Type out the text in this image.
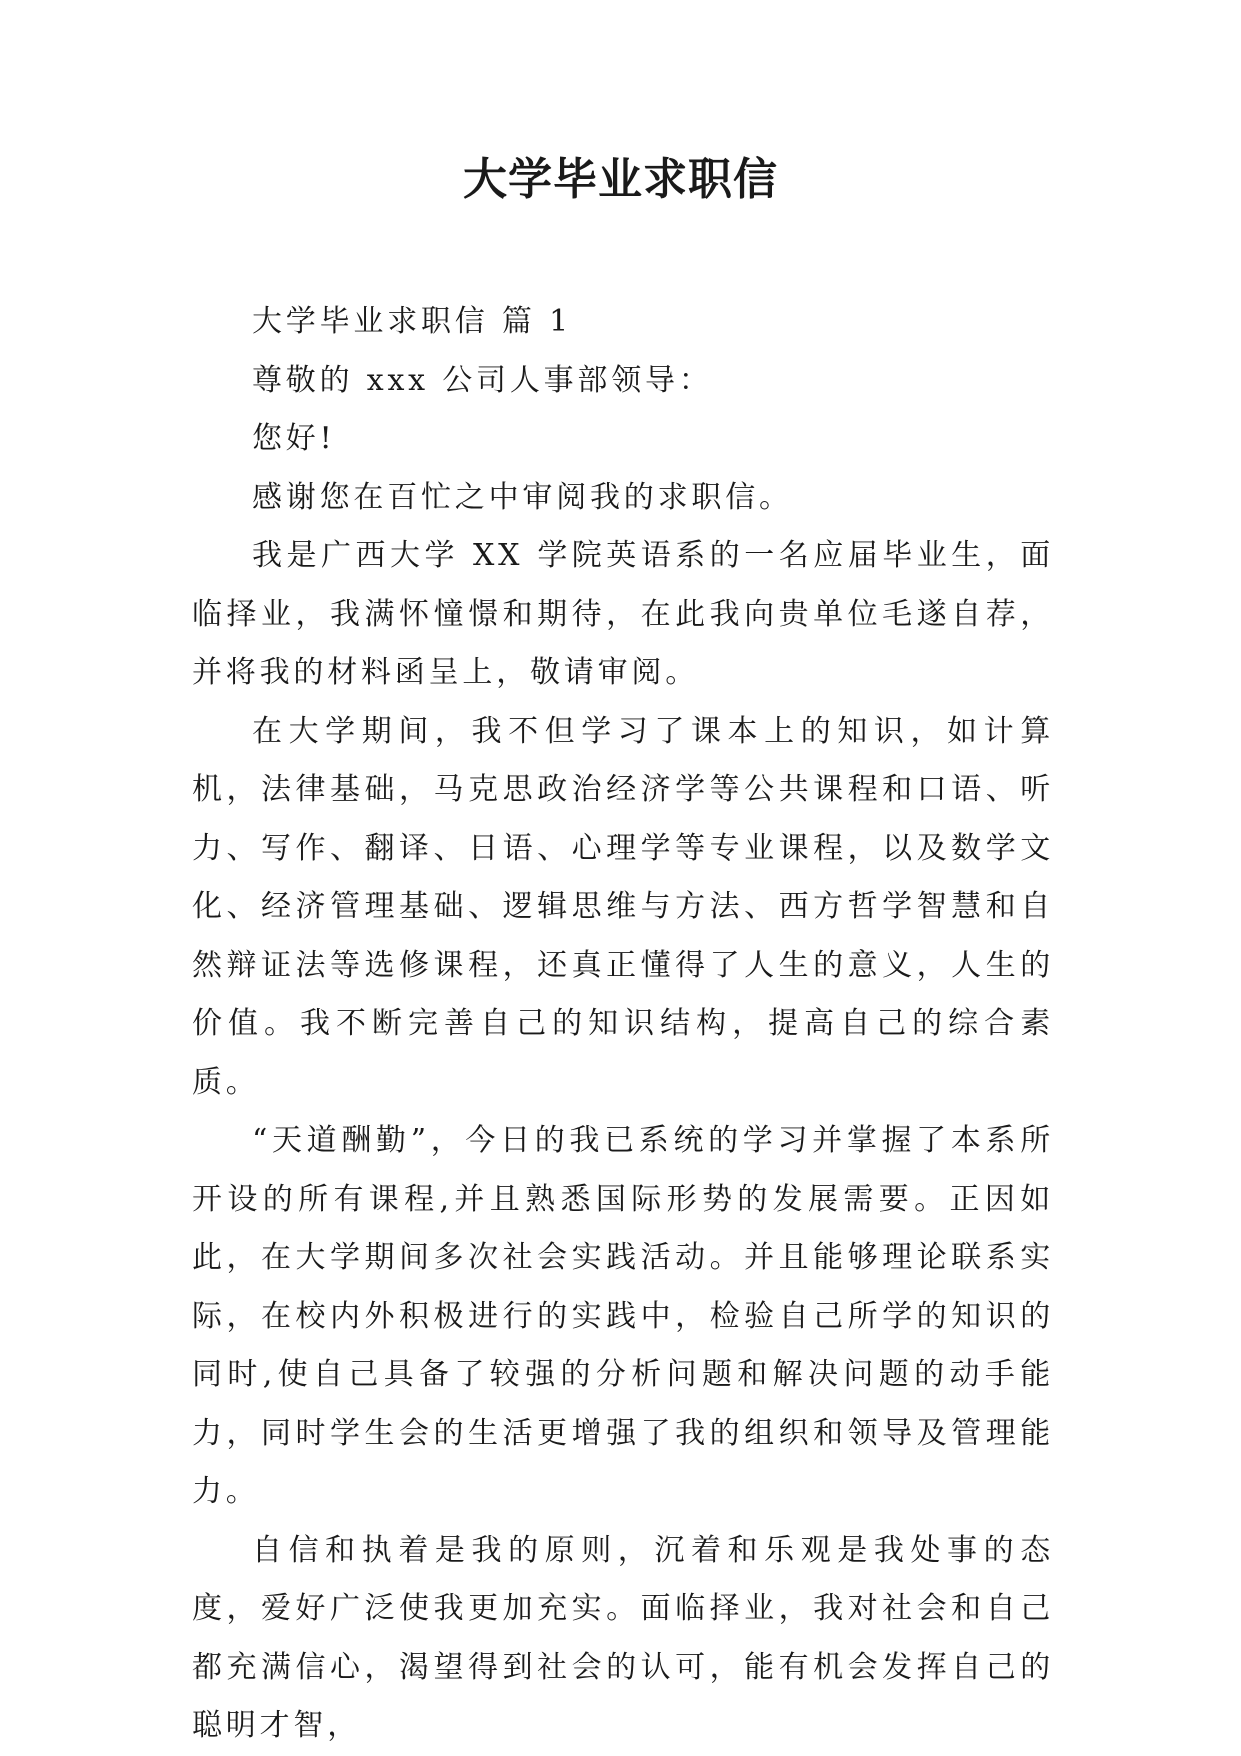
大学毕业求职信

大学毕业求职信 篇 1

尊敬的 xxx 公司人事部领导：

您好!

感谢您在百忙之中审阅我的求职信。

我是广西大学 XX 学院英语系的一名应届毕业生，面临择业，我满怀憧憬和期待，在此我向贵单位毛遂自荐，并将我的材料函呈上，敬请审阅。

在大学期间，我不但学习了课本上的知识，如计算机，法律基础，马克思政治经济学等公共课程和口语、听力、写作、翻译、日语、心理学等专业课程，以及数学文化、经济管理基础、逻辑思维与方法、西方哲学智慧和自然辩证法等选修课程，还真正懂得了人生的意义，人生的价值。我不断完善自己的知识结构，提高自己的综合素质。

“天道酬勤”，今日的我已系统的学习并掌握了本系所开设的所有课程,并且熟悉国际形势的发展需要。正因如此，在大学期间多次社会实践活动。并且能够理论联系实际，在校内外积极进行的实践中，检验自己所学的知识的同时,使自己具备了较强的分析问题和解决问题的动手能力，同时学生会的生活更增强了我的组织和领导及管理能力。

自信和执着是我的原则，沉着和乐观是我处事的态度，爱好广泛使我更加充实。面临择业，我对社会和自己都充满信心，渴望得到社会的认可，能有机会发挥自己的聪明才智，
